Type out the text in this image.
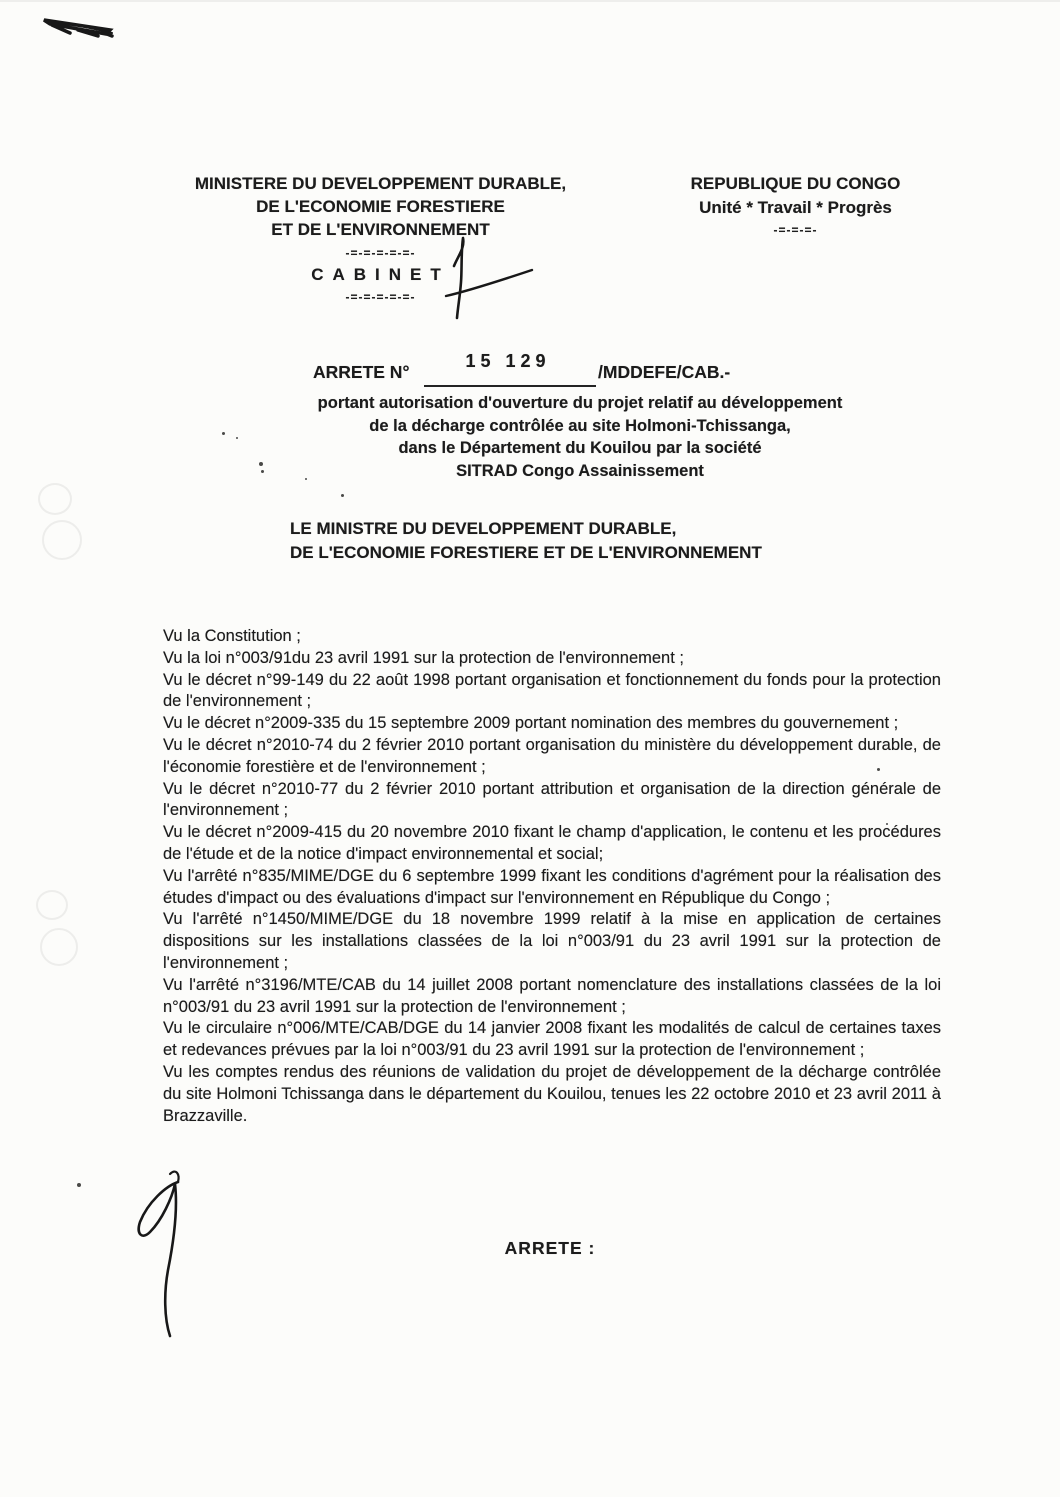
MINISTERE DU DEVELOPPEMENT DURABLE,
DE L'ECONOMIE FORESTIERE
ET DE L'ENVIRONNEMENT
-=-=-=-=-=-
CABINET
-=-=-=-=-=-
REPUBLIQUE DU CONGO
Unité * Travail * Progrès
-=-=-=-
ARRETE N°
15 129
/MDDEFE/CAB.-
portant autorisation d'ouverture du projet relatif au développement
de la décharge contrôlée au site Holmoni-Tchissanga,
dans le Département du Kouilou par la société
SITRAD Congo Assainissement
LE MINISTRE DU DEVELOPPEMENT DURABLE,
DE L'ECONOMIE FORESTIERE ET DE L'ENVIRONNEMENT

Vu la Constitution ;

Vu la loi n°003/91du 23 avril 1991 sur la protection de l'environnement ;

Vu le décret n°99-149 du 22 août 1998 portant organisation et fonctionnement du fonds pour la protection de l'environnement ;

Vu le décret n°2009-335 du 15 septembre 2009 portant nomination des membres du gouvernement ;

Vu le décret n°2010-74 du 2 février 2010 portant organisation du ministère du développement durable, de l'économie forestière et de l'environnement ;

Vu le décret n°2010-77 du 2 février 2010 portant attribution et organisation de la direction générale de l'environnement ;

Vu le décret n°2009-415 du 20 novembre 2010 fixant le champ d'application, le contenu et les procédures de l'étude et de la notice d'impact environnemental et social;

Vu l'arrêté n°835/MIME/DGE du 6 septembre 1999 fixant les conditions d'agrément pour la réalisation des études d'impact ou des évaluations d'impact sur l'environnement en République du Congo ;

Vu l'arrêté n°1450/MIME/DGE du 18 novembre 1999 relatif à la mise en application de certaines dispositions sur les installations classées de la loi n°003/91 du 23 avril 1991 sur la protection de l'environnement ;

Vu l'arrêté n°3196/MTE/CAB du 14 juillet 2008 portant nomenclature des installations classées de la loi n°003/91 du 23 avril 1991 sur la protection de l'environnement ;

Vu le circulaire n°006/MTE/CAB/DGE du 14 janvier 2008 fixant les modalités de calcul de certaines taxes et redevances prévues par la loi n°003/91 du 23 avril 1991 sur la protection de l'environnement ;

Vu les comptes rendus des réunions de validation du projet de développement de la décharge contrôlée du site Holmoni Tchissanga dans le département du Kouilou, tenues les 22 octobre 2010 et 23 avril 2011 à Brazzaville.

ARRETE :
